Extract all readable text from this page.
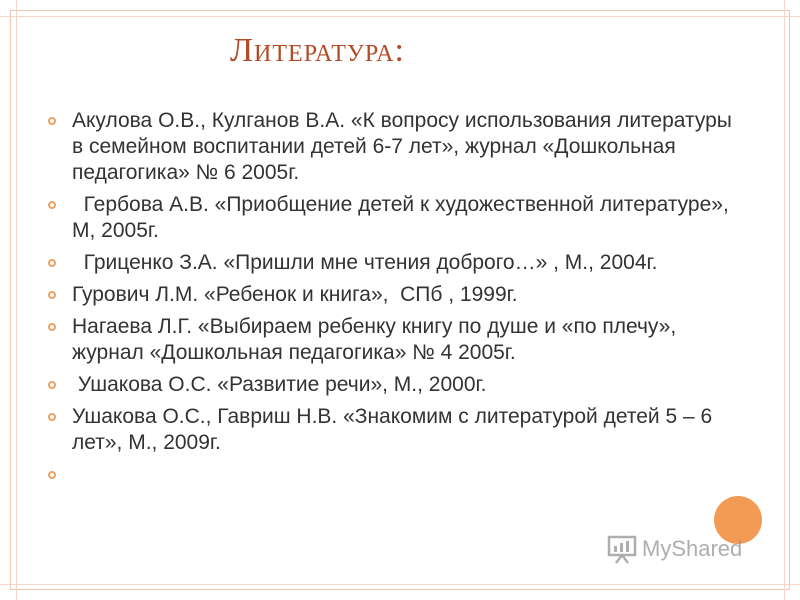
Литература:
Акулова О.В., Кулганов В.А. «К вопросу использования литературы в семейном воспитании детей 6-7 лет», журнал «Дошкольная педагогика» № 6 2005г.
Гербова А.В. «Приобщение детей к художественной литературе», М, 2005г.
Гриценко З.А. «Пришли мне чтения доброго…» , М., 2004г.
Гурович Л.М. «Ребенок и книга»,  СПб , 1999г.
Нагаева Л.Г. «Выбираем ребенку книгу по душе и «по плечу», журнал «Дошкольная педагогика» № 4 2005г.
Ушакова О.С. «Развитие речи», М., 2000г.
Ушакова О.С., Гавриш Н.В. «Знакомим с литературой детей 5 – 6 лет», М., 2009г.
MyShared
